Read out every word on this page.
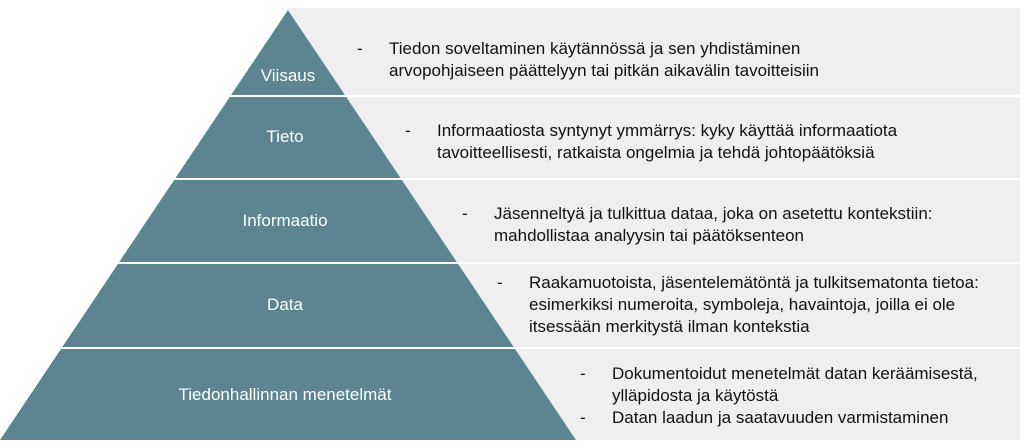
Viisaus
Tieto
Informaatio
Data
Tiedonhallinnan menetelmät
- Tiedon soveltaminen käytännössä ja sen yhdistäminen arvopohjaiseen päättelyyn tai pitkän aikavälin tavoitteisiin
- Informaatiosta syntynyt ymmärrys: kyky käyttää informaatiota tavoitteellisesti, ratkaista ongelmia ja tehdä johtopäätöksiä
- Jäsenneltyä ja tulkittua dataa, joka on asetettu kontekstiin: mahdollistaa analyysin tai päätöksenteon
- Raakamuotoista, jäsentelemätöntä ja tulkitsematonta tietoa: esimerkiksi numeroita, symboleja, havaintoja, joilla ei ole itsessään merkitystä ilman kontekstia
- Dokumentoidut menetelmät datan keräämisestä, ylläpidosta ja käytöstä
- Datan laadun ja saatavuuden varmistaminen
